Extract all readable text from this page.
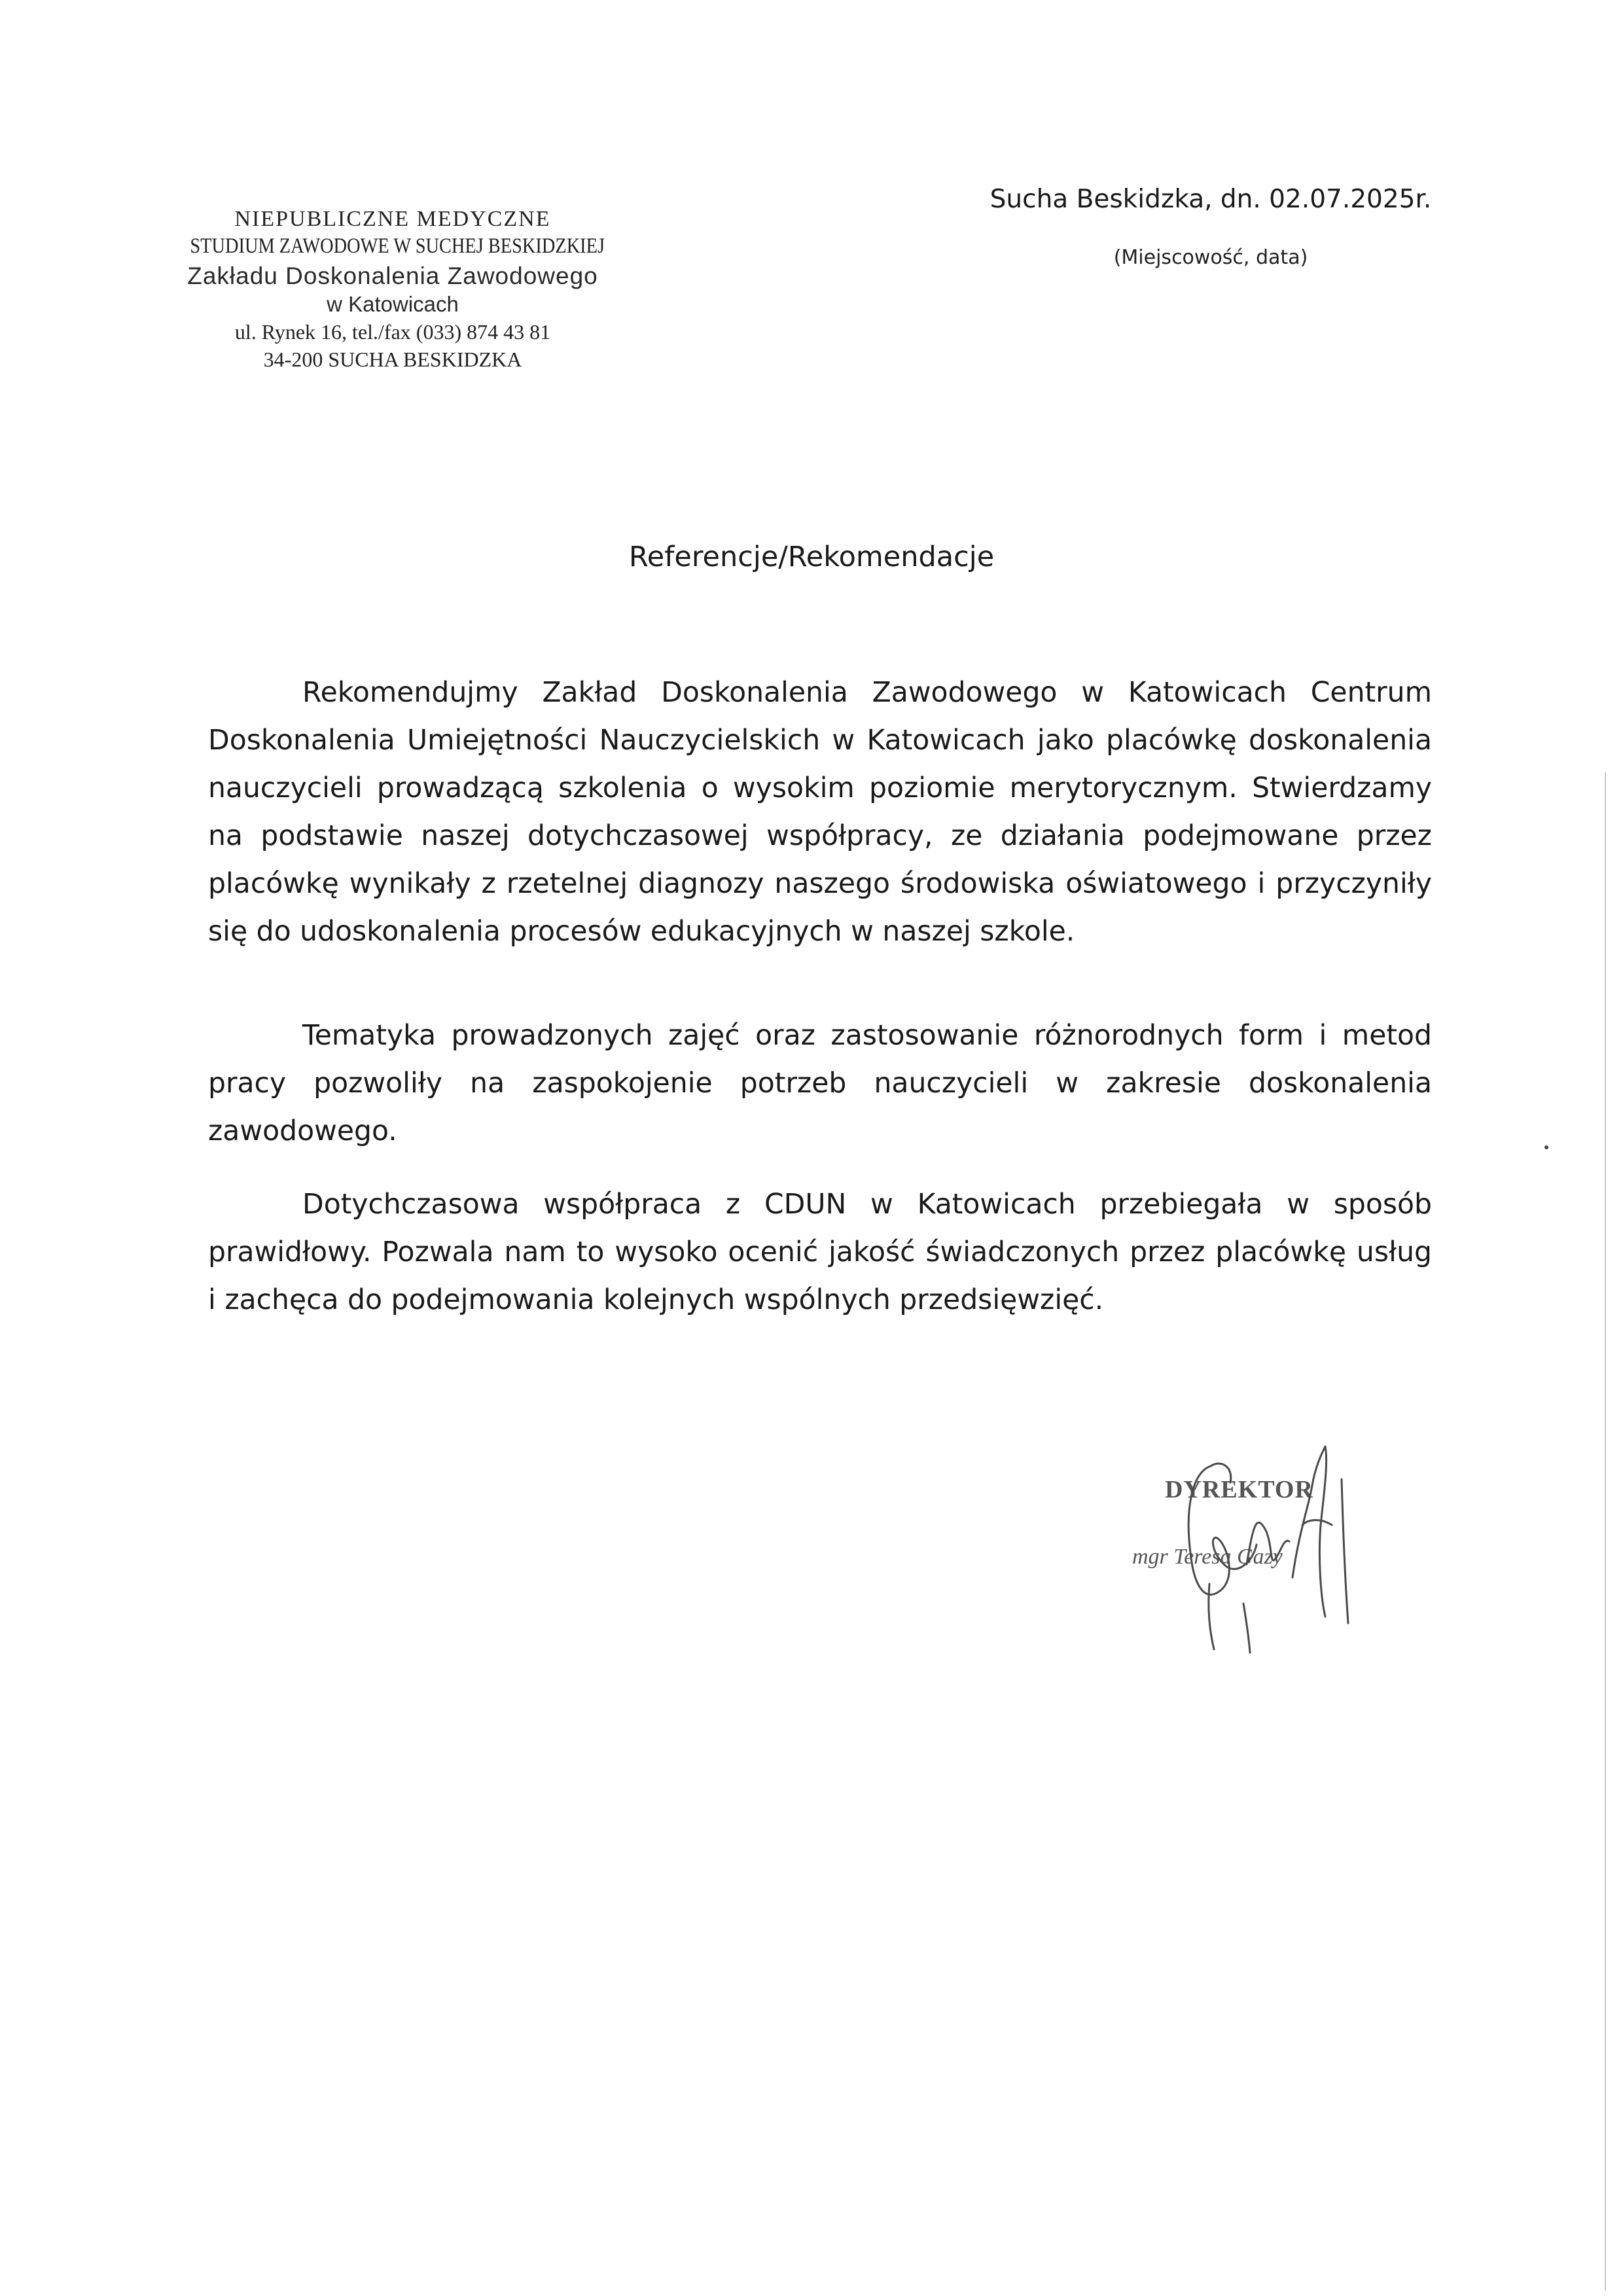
NIEPUBLICZNE MEDYCZNE
STUDIUM ZAWODOWE W SUCHEJ BESKIDZKIEJ
Zakładu Doskonalenia Zawodowego
w Katowicach
ul. Rynek 16, tel./fax (033) 874 43 81
34-200 SUCHA BESKIDZKA
Sucha Beskidzka, dn. 02.07.2025r.
(Miejscowość, data)
Referencje/Rekomendacje
Rekomendujmy Zakład Doskonalenia Zawodowego w Katowicach Centrum Doskonalenia Umiejętności Nauczycielskich w Katowicach jako placówkę doskonalenia nauczycieli prowadzącą szkolenia o wysokim poziomie merytorycznym. Stwierdzamy na podstawie naszej dotychczasowej współpracy, ze działania podejmowane przez placówkę wynikały z rzetelnej diagnozy naszego środowiska oświatowego i przyczyniły się do udoskonalenia procesów edukacyjnych w naszej szkole.
Tematyka prowadzonych zajęć oraz zastosowanie różnorodnych form i metod pracy pozwoliły na zaspokojenie potrzeb nauczycieli w zakresie doskonalenia zawodowego.
Dotychczasowa współpraca z CDUN w Katowicach przebiegała w sposób prawidłowy. Pozwala nam to wysoko ocenić jakość świadczonych przez placówkę usług i zachęca do podejmowania kolejnych wspólnych przedsięwzięć.
DYREKTOR
mgr Teresa Gazy
